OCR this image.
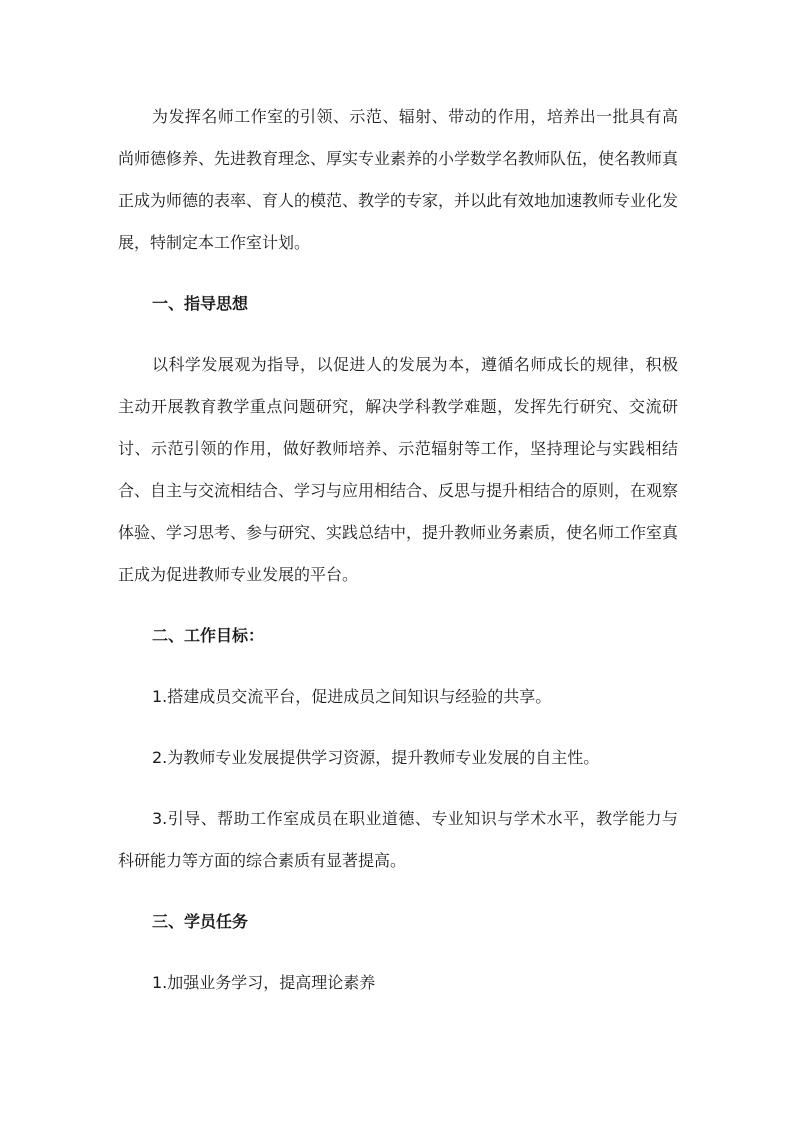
为发挥名师工作室的引领、示范、辐射、带动的作用，培养出一批具有高尚师德修养、先进教育理念、厚实专业素养的小学数学名教师队伍，使名教师真正成为师德的表率、育人的模范、教学的专家，并以此有效地加速教师专业化发展，特制定本工作室计划。

一、指导思想

以科学发展观为指导，以促进人的发展为本，遵循名师成长的规律，积极主动开展教育教学重点问题研究，解决学科教学难题，发挥先行研究、交流研讨、示范引领的作用，做好教师培养、示范辐射等工作，坚持理论与实践相结合、自主与交流相结合、学习与应用相结合、反思与提升相结合的原则，在观察体验、学习思考、参与研究、实践总结中，提升教师业务素质，使名师工作室真正成为促进教师专业发展的平台。

二、工作目标：

1.搭建成员交流平台，促进成员之间知识与经验的共享。

2.为教师专业发展提供学习资源，提升教师专业发展的自主性。

3.引导、帮助工作室成员在职业道德、专业知识与学术水平，教学能力与科研能力等方面的综合素质有显著提高。

三、学员任务

1.加强业务学习，提高理论素养
